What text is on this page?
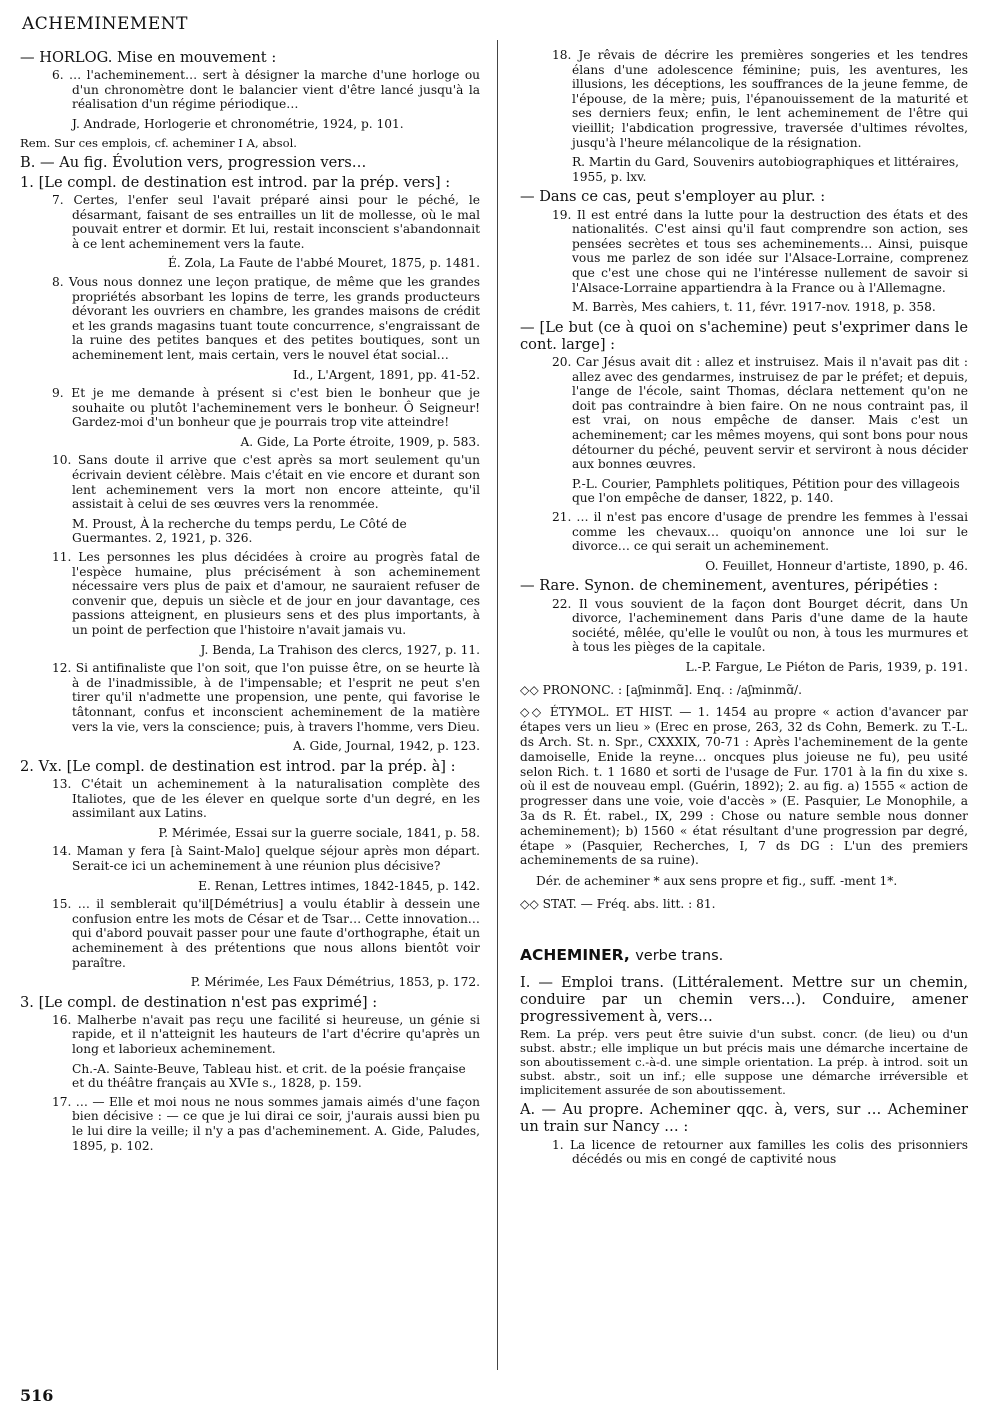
ACHEMINEMENT
— HORLOG. Mise en mouvement :
6. … l'acheminement… sert à désigner la marche d'une horloge ou d'un chronomètre dont le balancier vient d'être lancé jusqu'à la réalisation d'un régime périodique…
J. Andrade, Horlogerie et chronométrie, 1924, p. 101.
Rem. Sur ces emplois, cf. acheminer I A, absol.
B. — Au fig. Évolution vers, progression vers…
1. [Le compl. de destination est introd. par la prép. vers] :
7. Certes, l'enfer seul l'avait préparé ainsi pour le péché, le désarmant, faisant de ses entrailles un lit de mollesse, où le mal pouvait entrer et dormir. Et lui, restait inconscient s'abandonnait à ce lent acheminement vers la faute.
É. Zola, La Faute de l'abbé Mouret, 1875, p. 1481.
8. Vous nous donnez une leçon pratique, de même que les grandes propriétés absorbant les lopins de terre, les grands producteurs dévorant les ouvriers en chambre, les grandes maisons de crédit et les grands magasins tuant toute concurrence, s'engraissant de la ruine des petites banques et des petites boutiques, sont un acheminement lent, mais certain, vers le nouvel état social…
Id., L'Argent, 1891, pp. 41-52.
9. Et je me demande à présent si c'est bien le bonheur que je souhaite ou plutôt l'acheminement vers le bonheur. Ô Seigneur! Gardez-moi d'un bonheur que je pourrais trop vite atteindre!
A. Gide, La Porte étroite, 1909, p. 583.
10. Sans doute il arrive que c'est après sa mort seulement qu'un écrivain devient célèbre. Mais c'était en vie encore et durant son lent acheminement vers la mort non encore atteinte, qu'il assistait à celui de ses œuvres vers la renommée.
M. Proust, À la recherche du temps perdu, Le Côté de Guermantes. 2, 1921, p. 326.
11. Les personnes les plus décidées à croire au progrès fatal de l'espèce humaine, plus précisément à son acheminement nécessaire vers plus de paix et d'amour, ne sauraient refuser de convenir que, depuis un siècle et de jour en jour davantage, ces passions atteignent, en plusieurs sens et des plus importants, à un point de perfection que l'histoire n'avait jamais vu.
J. Benda, La Trahison des clercs, 1927, p. 11.
12. Si antifinaliste que l'on soit, que l'on puisse être, on se heurte là à de l'inadmissible, à de l'impensable; et l'esprit ne peut s'en tirer qu'il n'admette une propension, une pente, qui favorise le tâtonnant, confus et inconscient acheminement de la matière vers la vie, vers la conscience; puis, à travers l'homme, vers Dieu.
A. Gide, Journal, 1942, p. 123.
2. Vx. [Le compl. de destination est introd. par la prép. à] :
13. C'était un acheminement à la naturalisation complète des Italiotes, que de les élever en quelque sorte d'un degré, en les assimilant aux Latins.
P. Mérimée, Essai sur la guerre sociale, 1841, p. 58.
14. Maman y fera [à Saint-Malo] quelque séjour après mon départ. Serait-ce ici un acheminement à une réunion plus décisive?
E. Renan, Lettres intimes, 1842-1845, p. 142.
15. … il semblerait qu'il[Démétrius] a voulu établir à dessein une confusion entre les mots de César et de Tsar… Cette innovation… qui d'abord pouvait passer pour une faute d'orthographe, était un acheminement à des prétentions que nous allons bientôt voir paraître.
P. Mérimée, Les Faux Démétrius, 1853, p. 172.
3. [Le compl. de destination n'est pas exprimé] :
16. Malherbe n'avait pas reçu une facilité si heureuse, un génie si rapide, et il n'atteignit les hauteurs de l'art d'écrire qu'après un long et laborieux acheminement.
Ch.-A. Sainte-Beuve, Tableau hist. et crit. de la poésie française et du théâtre français au XVIe s., 1828, p. 159.
17. … — Elle et moi nous ne nous sommes jamais aimés d'une façon bien décisive : — ce que je lui dirai ce soir, j'aurais aussi bien pu le lui dire la veille; il n'y a pas d'acheminement. A. Gide, Paludes, 1895, p. 102.
18. Je rêvais de décrire les premières songeries et les tendres élans d'une adolescence féminine; puis, les aventures, les illusions, les déceptions, les souffrances de la jeune femme, de l'épouse, de la mère; puis, l'épanouissement de la maturité et ses derniers feux; enfin, le lent acheminement de l'être qui vieillit; l'abdication progressive, traversée d'ultimes révoltes, jusqu'à l'heure mélancolique de la résignation.
R. Martin du Gard, Souvenirs autobiographiques et littéraires, 1955, p. lxv.
— Dans ce cas, peut s'employer au plur. :
19. Il est entré dans la lutte pour la destruction des états et des nationalités. C'est ainsi qu'il faut comprendre son action, ses pensées secrètes et tous ses acheminements… Ainsi, puisque vous me parlez de son idée sur l'Alsace-Lorraine, comprenez que c'est une chose qui ne l'intéresse nullement de savoir si l'Alsace-Lorraine appartiendra à la France ou à l'Allemagne.
M. Barrès, Mes cahiers, t. 11, févr. 1917-nov. 1918, p. 358.
— [Le but (ce à quoi on s'achemine) peut s'exprimer dans le cont. large] :
20. Car Jésus avait dit : allez et instruisez. Mais il n'avait pas dit : allez avec des gendarmes, instruisez de par le préfet; et depuis, l'ange de l'école, saint Thomas, déclara nettement qu'on ne doit pas contraindre à bien faire. On ne nous contraint pas, il est vrai, on nous empêche de danser. Mais c'est un acheminement; car les mêmes moyens, qui sont bons pour nous détourner du péché, peuvent servir et serviront à nous décider aux bonnes œuvres.
P.-L. Courier, Pamphlets politiques, Pétition pour des villageois que l'on empêche de danser, 1822, p. 140.
21. … il n'est pas encore d'usage de prendre les femmes à l'essai comme les chevaux… quoiqu'on annonce une loi sur le divorce… ce qui serait un acheminement.
O. Feuillet, Honneur d'artiste, 1890, p. 46.
— Rare. Synon. de cheminement, aventures, péripéties :
22. Il vous souvient de la façon dont Bourget décrit, dans Un divorce, l'acheminement dans Paris d'une dame de la haute société, mêlée, qu'elle le voulût ou non, à tous les murmures et à tous les pièges de la capitale.
L.-P. Fargue, Le Piéton de Paris, 1939, p. 191.
◇◇ PRONONC. : [aʃminmɑ̃]. Enq. : /aʃminmɑ̃/.
◇◇ ÉTYMOL. ET HIST. — 1. 1454 au propre « action d'avancer par étapes vers un lieu » (Erec en prose, 263, 32 ds Cohn, Bemerk. zu T.-L. ds Arch. St. n. Spr., CXXXIX, 70-71 : Après l'acheminement de la gente damoiselle, Enide la reyne… oncques plus joieuse ne fu), peu usité selon Rich. t. 1 1680 et sorti de l'usage de Fur. 1701 à la fin du xixe s. où il est de nouveau empl. (Guérin, 1892); 2. au fig. a) 1555 « action de progresser dans une voie, voie d'accès » (E. Pasquier, Le Monophile, a 3a ds R. Ét. rabel., IX, 299 : Chose ou nature semble nous donner acheminement); b) 1560 « état résultant d'une progression par degré, étape » (Pasquier, Recherches, I, 7 ds DG : L'un des premiers acheminements de sa ruine).
Dér. de acheminer * aux sens propre et fig., suff. -ment 1*.
◇◇ STAT. — Fréq. abs. litt. : 81.
ACHEMINER, verbe trans.
I. — Emploi trans. (Littéralement. Mettre sur un chemin, conduire par un chemin vers…). Conduire, amener progressivement à, vers…
Rem. La prép. vers peut être suivie d'un subst. concr. (de lieu) ou d'un subst. abstr.; elle implique un but précis mais une démarche incertaine de son aboutissement c.-à-d. une simple orientation. La prép. à introd. soit un subst. abstr., soit un inf.; elle suppose une démarche irréversible et implicitement assurée de son aboutissement.
A. — Au propre. Acheminer qqc. à, vers, sur … Acheminer un train sur Nancy … :
1. La licence de retourner aux familles les colis des prisonniers décédés ou mis en congé de captivité nous
516
